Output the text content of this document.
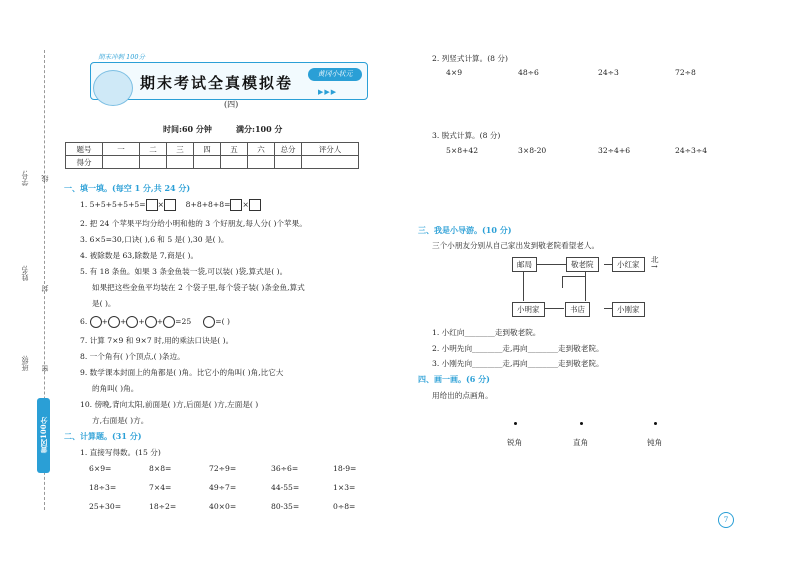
学号:
姓名:
班级:
线
封
密
黄冈100分
期末冲刺 100分
期末考试全真模拟卷	黄冈小状元
▶▶▶
(四)
时间:60 分钟	满分:100 分
题号	一	二	三	四	五	六	总分	评分人
得分								
一、填一填。(每空 1 分,共 24 分)
1. 5+5+5+5+5= ×	8+8+8+8= ×
2. 把 24 个苹果平均分给小明和他的 3 个好朋友,每人分( )个苹果。
3. 6×5=30,口诀( ),6 和 5 是( ),30 是( )。
4. 被除数是 63,除数是 7,商是( )。
5. 有 18 条鱼。如果 3 条金鱼装一袋,可以装( )袋,算式是( )。
如果把这些金鱼平均装在 2 个袋子里,每个袋子装( )条金鱼,算式
是( )。
6. + + + + =25	=( )
7. 计算 7×9 和 9×7 时,用的乘法口诀是( )。
8. 一个角有( )个顶点,( )条边。
9. 数学课本封面上的角都是( )角。比它小的角叫( )角,比它大
的角叫( )角。
10. 傍晚,背向太阳,前面是( )方,后面是( )方,左面是( )
方,右面是( )方。
二、计算题。(31 分)
1. 直接写得数。(15 分)
6×9=	8×8=	72÷9=	36÷6=	18-9=
18÷3=	7×4=	49÷7=	44-55=	1×3=
25+30=	18÷2=	40×0=	80-35=	0÷8=
2. 列竖式计算。(8 分)
4×9	48÷6	24÷3	72÷8
3. 脱式计算。(8 分)
5×8+42	3×8-20	32÷4+6	24÷3÷4
三、我是小导游。(10 分)
三个小朋友分别从自己家出发到敬老院看望老人。
邮局	敬老院	小红家
北
→
小明家	书店	小刚家
1. 小红向________走到敬老院。
2. 小明先向________走,再向________走到敬老院。
3. 小刚先向________走,再向________走到敬老院。
四、画一画。(6 分)
用给出的点画角。
锐角	直角	钝角
7
